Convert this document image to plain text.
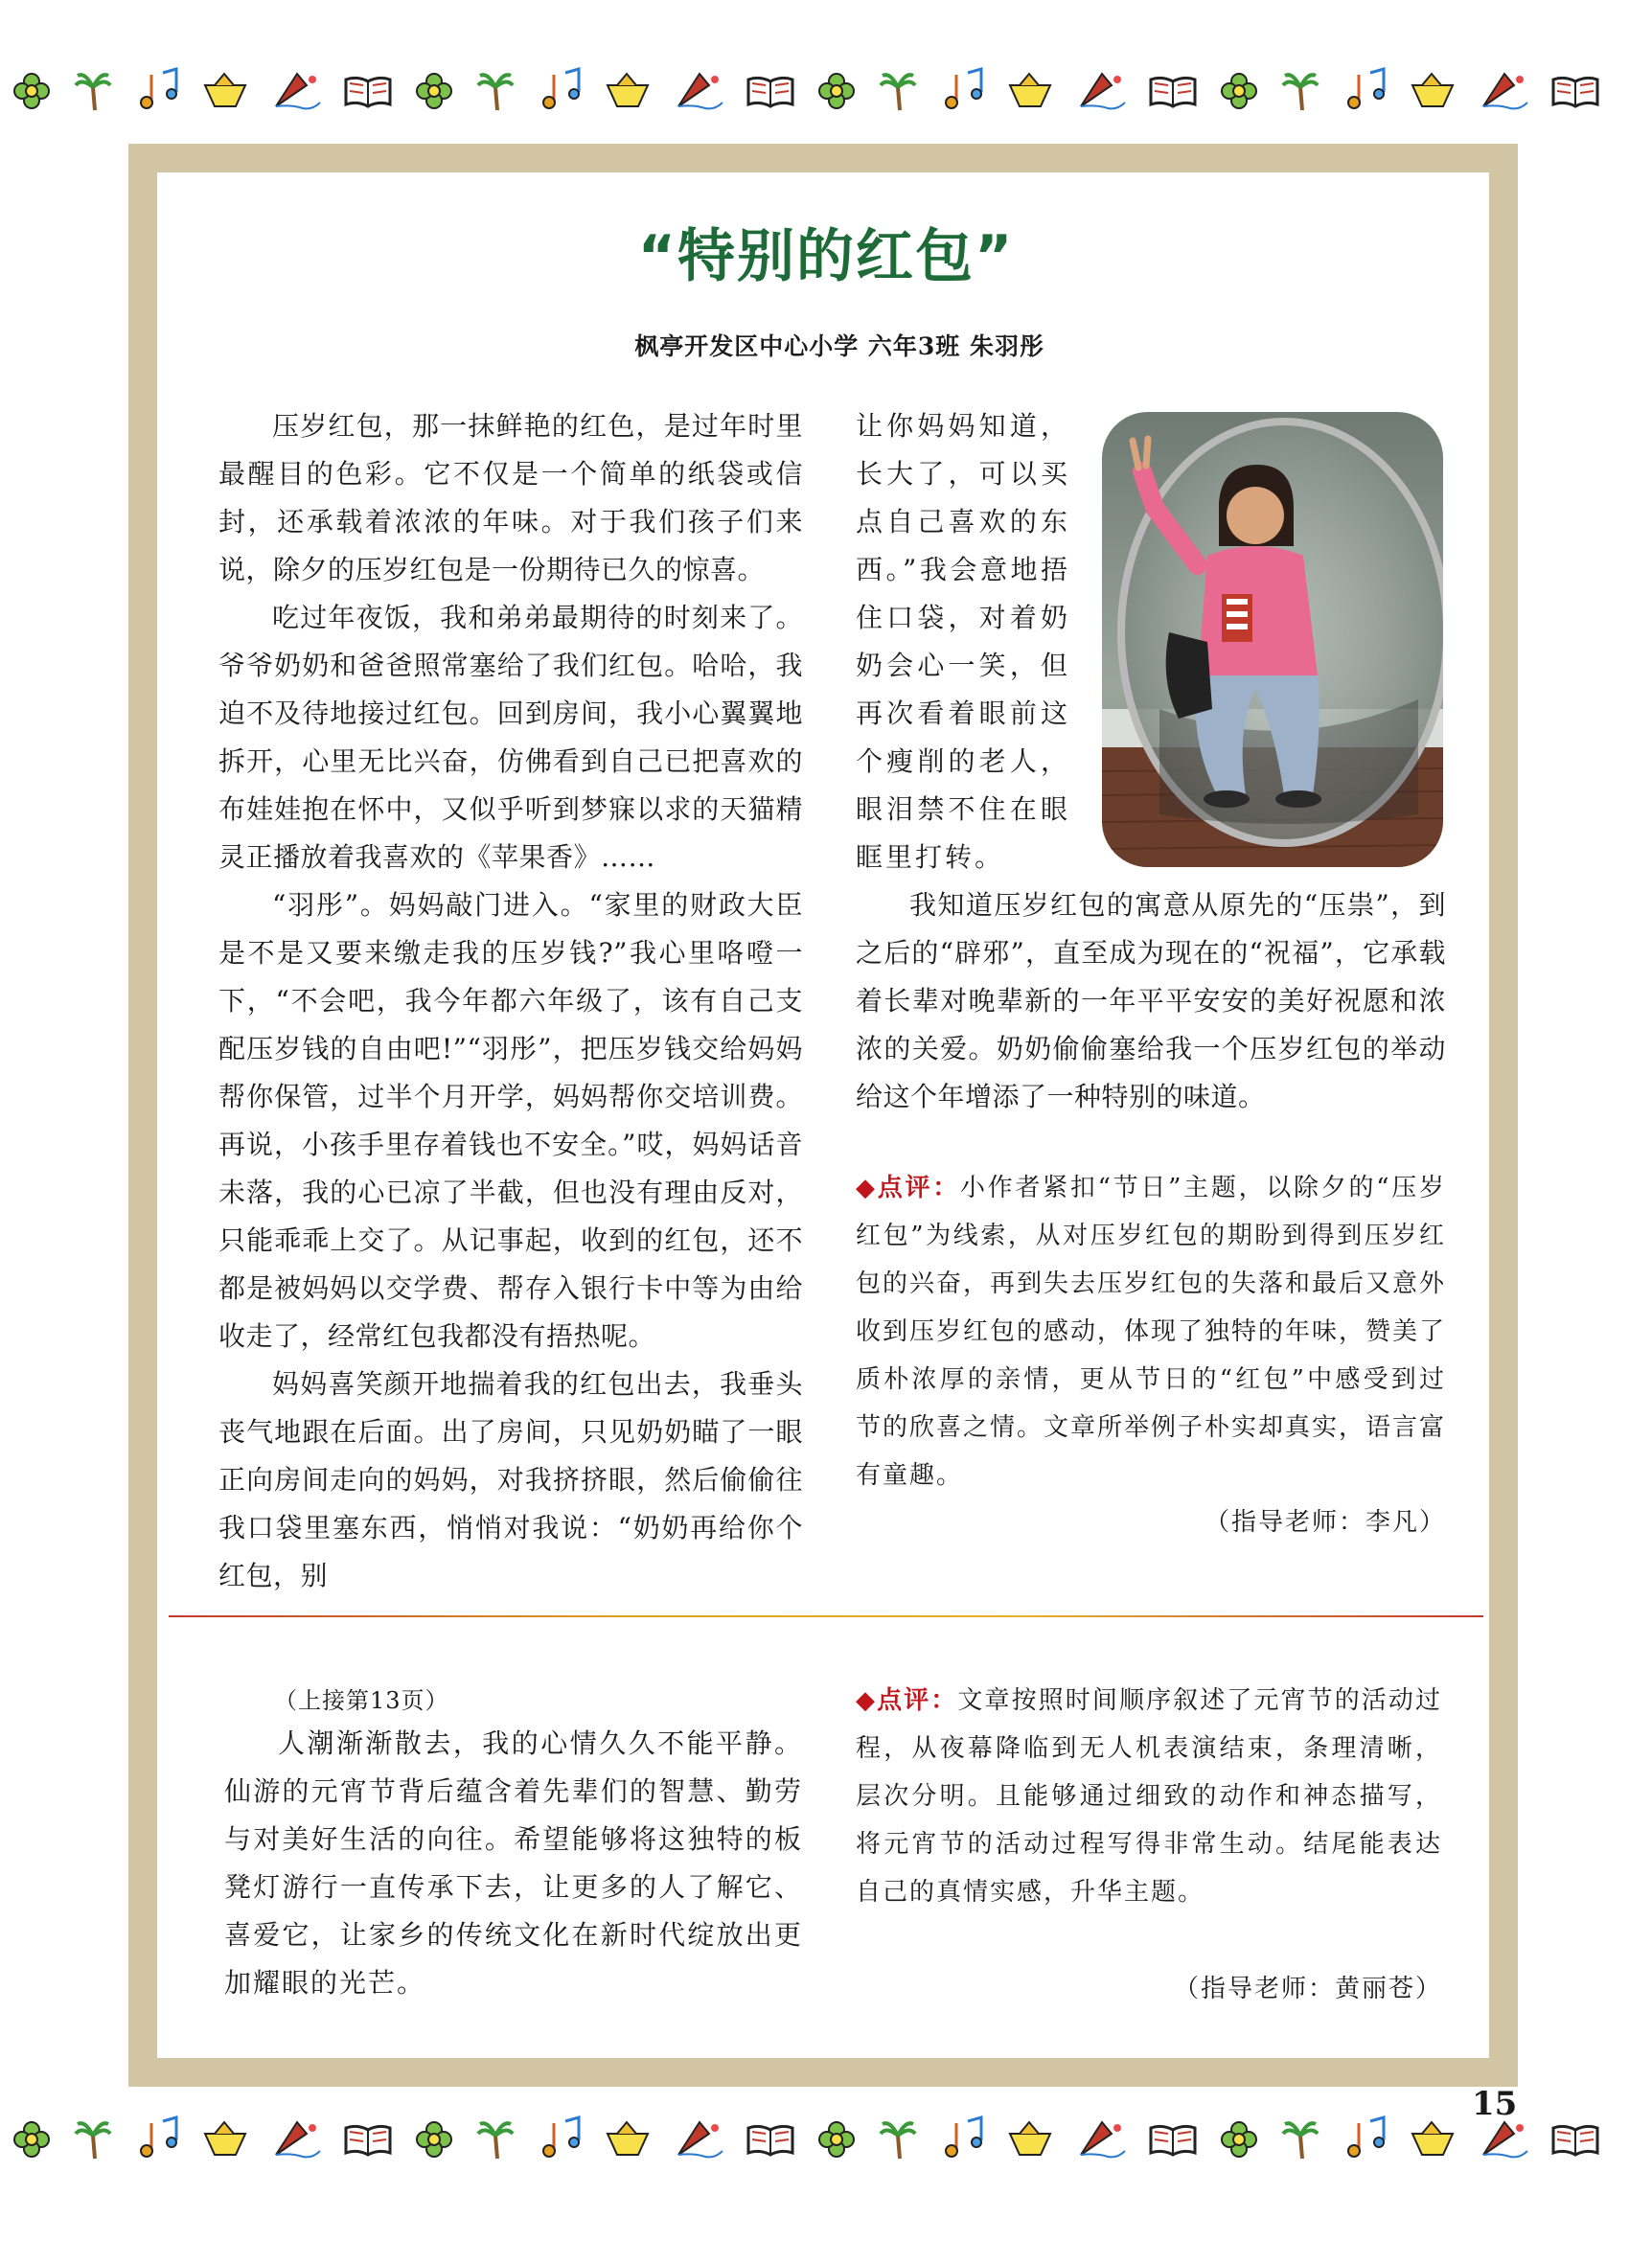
“特别的红包”
枫亭开发区中心小学 六年3班 朱羽彤

压岁红包，那一抹鲜艳的红色，是过年时里最醒目的色彩。它不仅是一个简单的纸袋或信封，还承载着浓浓的年味。对于我们孩子们来说，除夕的压岁红包是一份期待已久的惊喜。

吃过年夜饭，我和弟弟最期待的时刻来了。爷爷奶奶和爸爸照常塞给了我们红包。哈哈，我迫不及待地接过红包。回到房间，我小心翼翼地拆开，心里无比兴奋，仿佛看到自己已把喜欢的布娃娃抱在怀中，又似乎听到梦寐以求的天猫精灵正播放着我喜欢的《苹果香》……

“羽彤”。妈妈敲门进入。“家里的财政大臣是不是又要来缴走我的压岁钱?”我心里咯噔一下，“不会吧，我今年都六年级了，该有自己支配压岁钱的自由吧!”“羽彤”，把压岁钱交给妈妈帮你保管，过半个月开学，妈妈帮你交培训费。再说，小孩手里存着钱也不安全。”哎，妈妈话音未落，我的心已凉了半截，但也没有理由反对，只能乖乖上交了。从记事起，收到的红包，还不都是被妈妈以交学费、帮存入银行卡中等为由给收走了，经常红包我都没有捂热呢。

妈妈喜笑颜开地揣着我的红包出去，我垂头丧气地跟在后面。出了房间，只见奶奶瞄了一眼正向房间走向的妈妈，对我挤挤眼，然后偷偷往我口袋里塞东西，悄悄对我说：“奶奶再给你个红包，别

让你妈妈知道，长大了，可以买点自己喜欢的东西。”我会意地捂住口袋，对着奶奶会心一笑，但再次看着眼前这个瘦削的老人，眼泪禁不住在眼眶里打转。

我知道压岁红包的寓意从原先的“压祟”，到之后的“辟邪”，直至成为现在的“祝福”，它承载着长辈对晚辈新的一年平平安安的美好祝愿和浓浓的关爱。奶奶偷偷塞给我一个压岁红包的举动给这个年增添了一种特别的味道。

◆点评：小作者紧扣“节日”主题，以除夕的“压岁红包”为线索，从对压岁红包的期盼到得到压岁红包的兴奋，再到失去压岁红包的失落和最后又意外收到压岁红包的感动，体现了独特的年味，赞美了质朴浓厚的亲情，更从节日的“红包”中感受到过节的欣喜之情。文章所举例子朴实却真实，语言富有童趣。
（指导老师：李凡）
（上接第13页）

人潮渐渐散去，我的心情久久不能平静。仙游的元宵节背后蕴含着先辈们的智慧、勤劳与对美好生活的向往。希望能够将这独特的板凳灯游行一直传承下去，让更多的人了解它、喜爱它，让家乡的传统文化在新时代绽放出更加耀眼的光芒。

◆点评：文章按照时间顺序叙述了元宵节的活动过程，从夜幕降临到无人机表演结束，条理清晰，层次分明。且能够通过细致的动作和神态描写，将元宵节的活动过程写得非常生动。结尾能表达自己的真情实感，升华主题。
（指导老师：黄丽苍）
15
